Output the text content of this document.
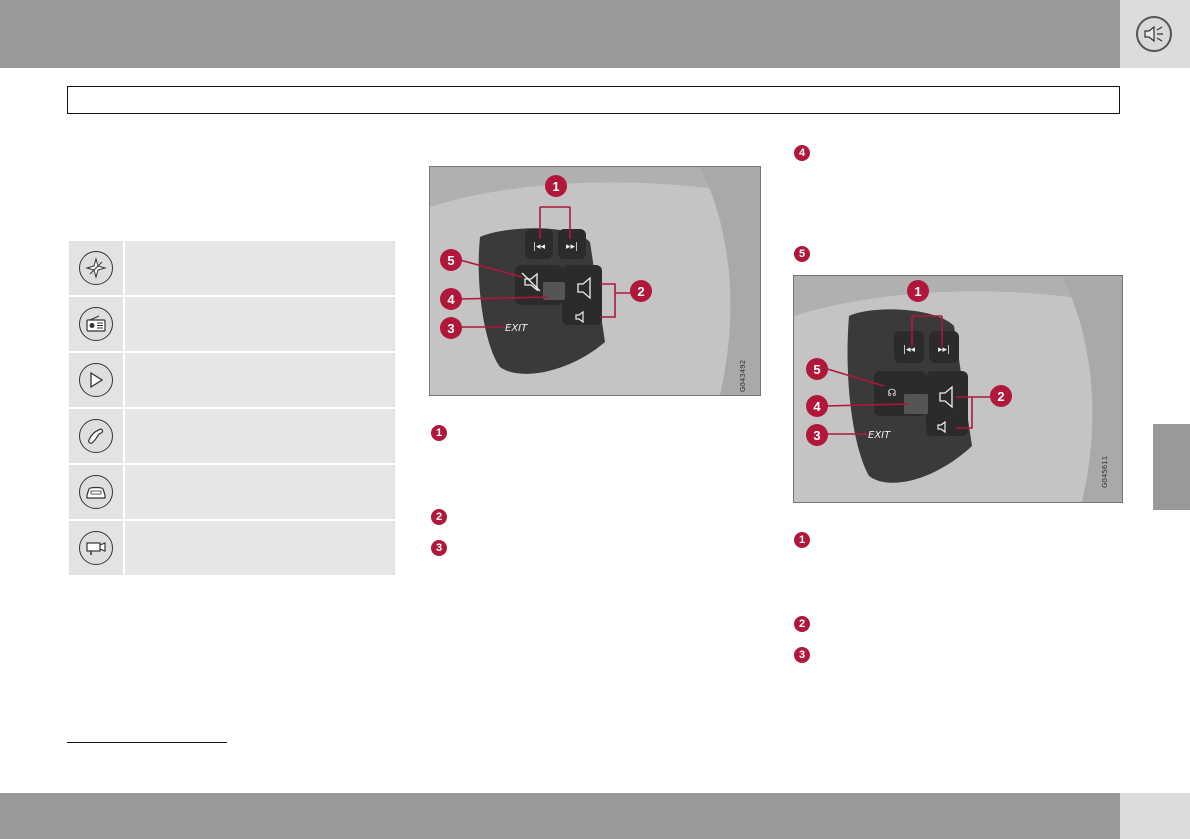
|◂◂ ▸▸|
EXIT
G043492
1
5
4
3
2
1
2
3
4
5
|◂◂	▸▸|
☊
EXIT
G045611
1
5
4
3
2
1
2
3
